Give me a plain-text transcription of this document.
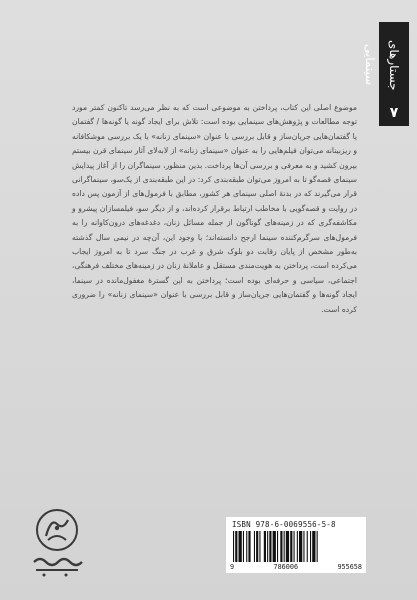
جستارهای سینمایی
۷

موضوع اصلی این کتاب، پرداختن به موضوعی است که به نظر می‌رسد تاکنون کمتر مورد توجه مطالعات و پژوهش‌های سینمایی بوده است: تلاش برای ایجاد گونه یا گونه‌ها / گفتمان یا گفتمان‌هایی جریان‌ساز و قابل بررسی با عنوان «سینمای زنانه» با یک بررسی موشکافانه و ریزبینانه می‌توان فیلم‌هایی را به عنوان «سینمای زنانه» از لابه‌لای آثار سینمای قرن بیستم بیرون کشید و به معرفی و بررسی آن‌ها پرداخت. بدین منظور، سینماگران را از آغاز پیدایش سینمای قصه‌گو تا به امروز می‌توان طبقه‌بندی کرد: در این طبقه‌بندی از یک‌سو، سینماگرانی قرار می‌گیرند که در بدنهٔ اصلی سینمای هر کشور، مطابق با فرمول‌های از آزمون پس داده در روایت و قصه‌گویی با مخاطب ارتباط برقرار کرده‌اند، و از دیگر سو، فیلمسازان پیشرو و مکاشفه‌گری که در زمینه‌های گوناگون از جمله مسائل زنان، دغدغه‌های درون‌کاوانه را به فرمول‌های سرگرم‌کننده سینما ارجح دانسته‌اند؛ با وجود این، آن‌چه در نیمی سال گذشته به‌طور مشخص از پایان رقابت دو بلوک شرق و غرب در جنگ سرد تا به امروز ایجاب می‌کرده است، پرداختن به هویت‌مندی مستقل و عاملانهٔ زنان در زمینه‌های مختلف فرهنگی، اجتماعی، سیاسی و حرفه‌ای بوده است؛ پرداختن به این گسترهٔ مغفول‌مانده در سینما، ایجاد گونه‌ها و گفتمان‌هایی جریان‌ساز و قابل بررسی با عنوان «سینمای زنانه» را ضروری کرده است.

ISBN 978-6-0069556-5-8
9	786006	955658
